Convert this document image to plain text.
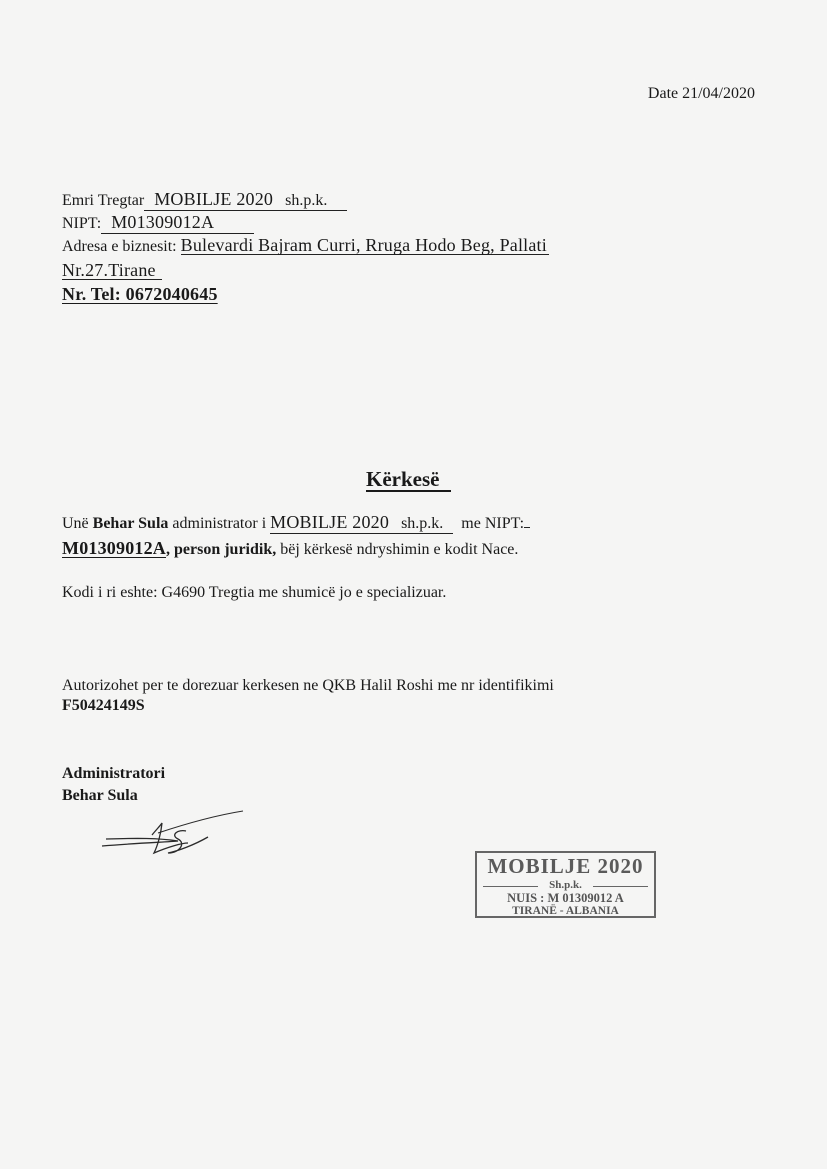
Date 21/04/2020
Emri Tregtar MOBILJE 2020 sh.p.k.
NIPT: M01309012A
Adresa e biznesit: Bulevardi Bajram Curri, Rruga Hodo Beg, Pallati
Nr.27.Tirane
Nr. Tel: 0672040645
Kërkesë
Unë Behar Sula administrator i MOBILJE 2020 sh.p.k. me NIPT:
M01309012A, person juridik, bëj kërkesë ndryshimin e kodit Nace.
Kodi i ri eshte: G4690 Tregtia me shumicë jo e specializuar.
Autorizohet per te dorezuar kerkesen ne QKB Halil Roshi me nr identifikimi
F50424149S
Administratori
Behar Sula
MOBILJE 2020
Sh.p.k.
NUIS : M 01309012 A
TIRANË - ALBANIA
